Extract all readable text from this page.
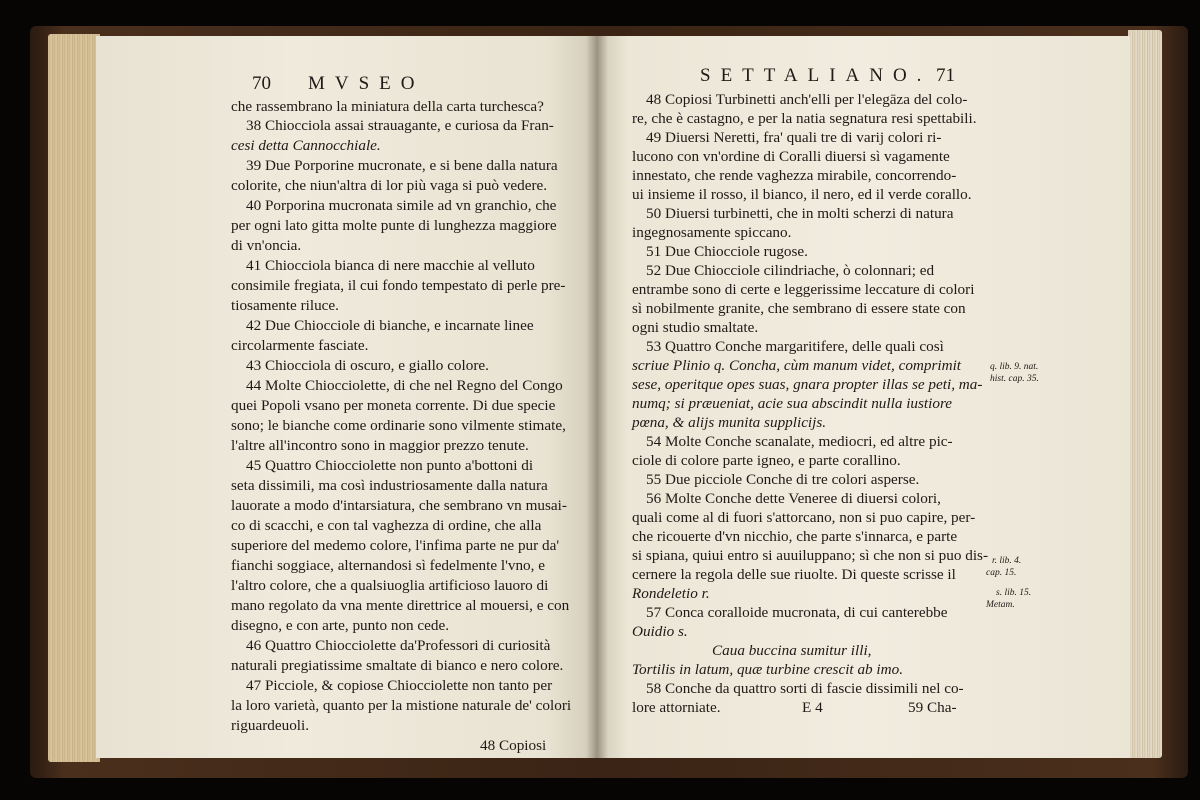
70 MVSEO
che rassembrano la miniatura della carta turchesca?
38 Chiocciola assai strauagante, e curiosa da Fran-
cesi detta Cannocchiale.
39 Due Porporine mucronate, e si bene dalla natura
colorite, che niun'altra di lor più vaga si può vedere.
40 Porporina mucronata simile ad vn granchio, che
per ogni lato gitta molte punte di lunghezza maggiore
di vn'oncia.
41 Chiocciola bianca di nere macchie al velluto
consimile fregiata, il cui fondo tempestato di perle pre-
tiosamente riluce.
42 Due Chiocciole di bianche, e incarnate linee
circolarmente fasciate.
43 Chiocciola di oscuro, e giallo colore.
44 Molte Chiocciolette, di che nel Regno del Congo
quei Popoli vsano per moneta corrente. Di due specie
sono; le bianche come ordinarie sono vilmente stimate,
l'altre all'incontro sono in maggior prezzo tenute.
45 Quattro Chiocciolette non punto a'bottoni di
seta dissimili, ma così industriosamente dalla natura
lauorate a modo d'intarsiatura, che sembrano vn musai-
co di scacchi, e con tal vaghezza di ordine, che alla
superiore del medemo colore, l'infima parte ne pur da'
fianchi soggiace, alternandosi sì fedelmente l'vno, e
l'altro colore, che a qualsiuoglia artificioso lauoro di
mano regolato da vna mente direttrice al mouersi, e con
disegno, e con arte, punto non cede.
46 Quattro Chiocciolette da'Professori di curiosità
naturali pregiatissime smaltate di bianco e nero colore.
47 Picciole, & copiose Chiocciolette non tanto per
la loro varietà, quanto per la mistione naturale de' colori
riguardeuoli.
48 Copiosi
SETTALIANO. 71
48 Copiosi Turbinetti anch'elli per l'elegāza del colo-
re, che è castagno, e per la natia segnatura resi spettabili.
49 Diuersi Neretti, fra' quali tre di varij colori ri-
lucono con vn'ordine di Coralli diuersi sì vagamente
innestato, che rende vaghezza mirabile, concorrendo-
ui insieme il rosso, il bianco, il nero, ed il verde corallo.
50 Diuersi turbinetti, che in molti scherzi di natura
ingegnosamente spiccano.
51 Due Chiocciole rugose.
52 Due Chiocciole cilindriache, ò colonnari; ed
entrambe sono di certe e leggerissime leccature di colori
sì nobilmente granite, che sembrano di essere state con
ogni studio smaltate.
53 Quattro Conche margaritifere, delle quali così
scriue Plinio q. Concha, cùm manum videt, comprimit
sese, operitque opes suas, gnara propter illas se peti, ma-
numq; si præueniat, acie sua abscindit nulla iustiore
pœna, & alijs munita supplicijs.
54 Molte Conche scanalate, mediocri, ed altre pic-
ciole di colore parte igneo, e parte corallino.
55 Due picciole Conche di tre colori asperse.
56 Molte Conche dette Veneree di diuersi colori,
quali come al di fuori s'attorcano, non si puo capire, per-
che ricouerte d'vn nicchio, che parte s'innarca, e parte
si spiana, quiui entro si auuiluppano; sì che non si puo dis-
cernere la regola delle sue riuolte. Di queste scrisse il
Rondeletio r.
57 Conca coralloide mucronata, di cui canterebbe
Ouidio s.
Caua buccina sumitur illi,
Tortilis in latum, quæ turbine crescit ab imo.
58 Conche da quattro sorti di fascie dissimili nel co-
lore attorniate.	E 4	59 Cha-
q. lib. 9. nat.
hist. cap. 35.
r. lib. 4.
cap. 15.
s. lib. 15.
Metam.
